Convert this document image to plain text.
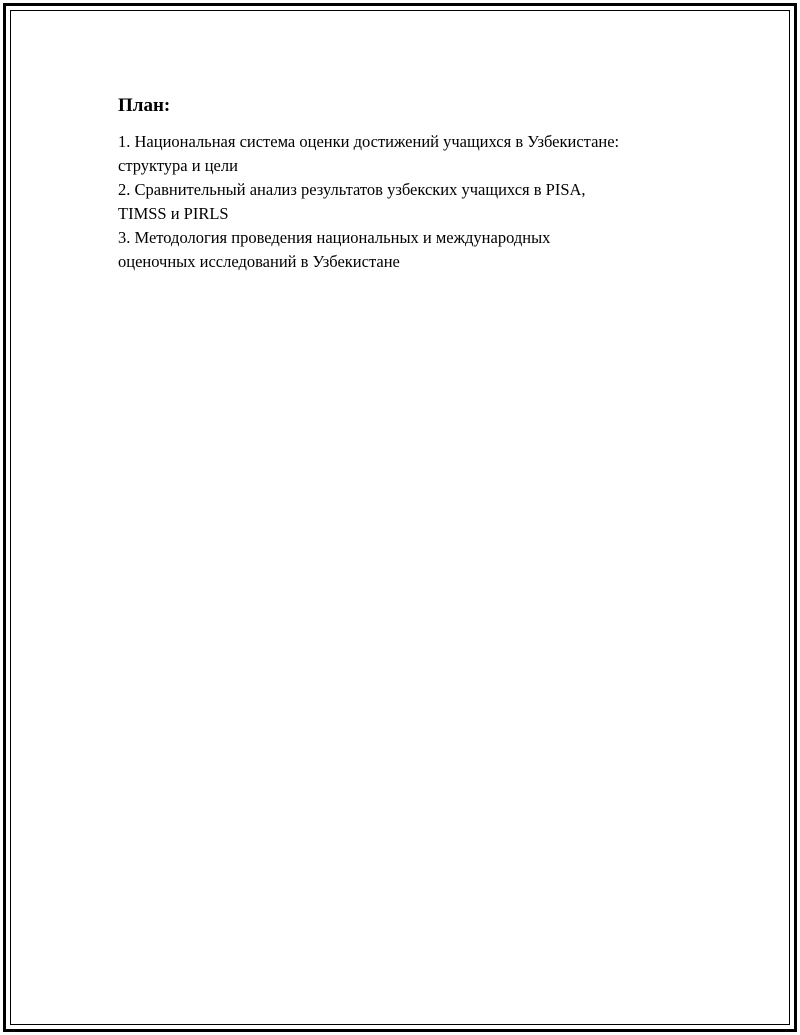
План:
1. Национальная система оценки достижений учащихся в Узбекистане:
структура и цели
2. Сравнительный анализ результатов узбекских учащихся в PISA,
TIMSS и PIRLS
3. Методология проведения национальных и международных
оценочных исследований в Узбекистане
